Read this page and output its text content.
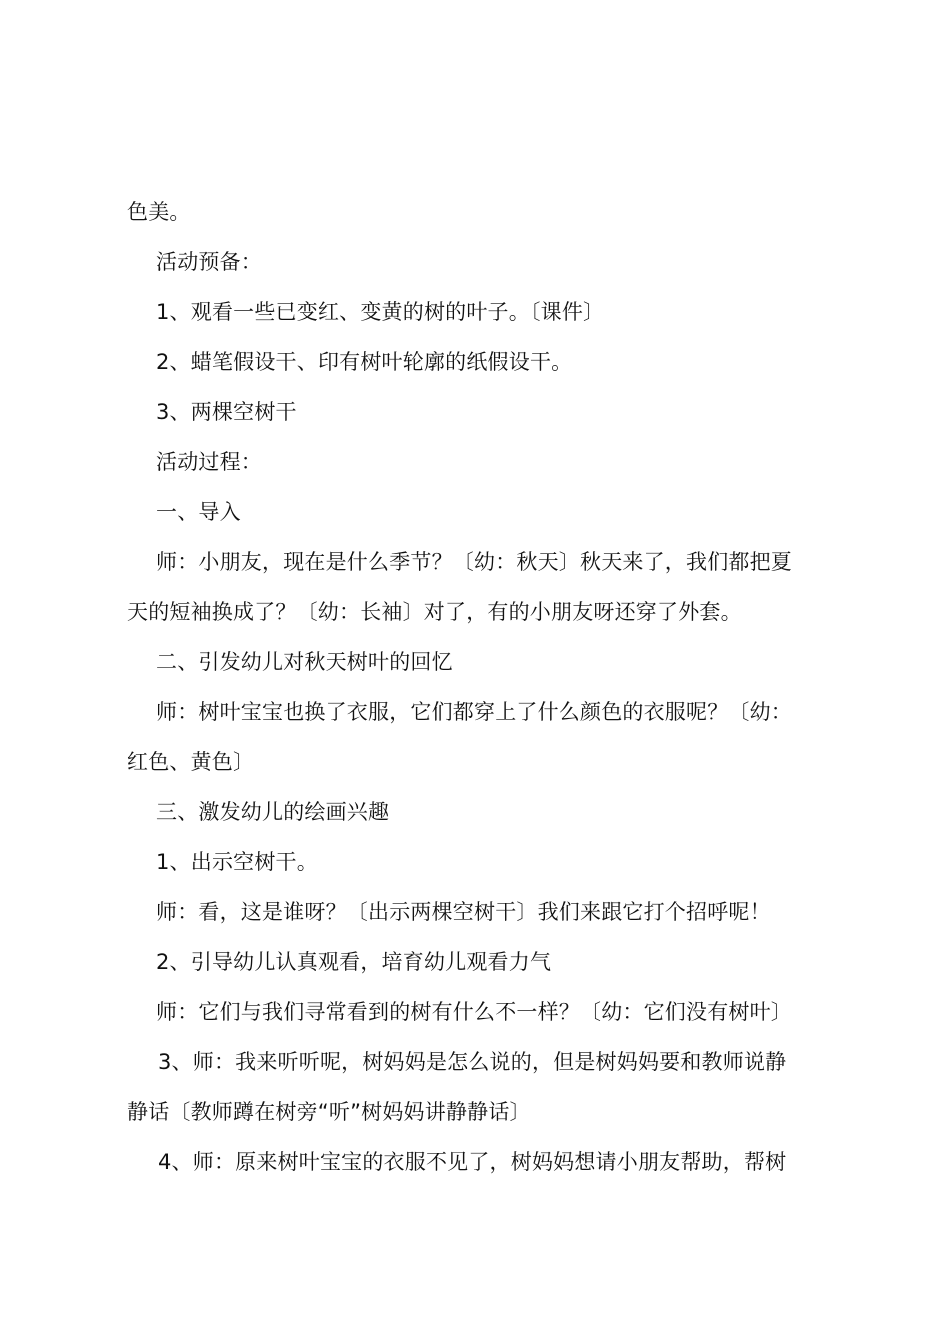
色美。
活动预备：
1、观看一些已变红、变黄的树的叶子。〔课件〕
2、蜡笔假设干、印有树叶轮廓的纸假设干。
3、两棵空树干
活动过程：
一、导入
师：小朋友，现在是什么季节？〔幼：秋天〕秋天来了，我们都把夏
天的短袖换成了？〔幼：长袖〕对了，有的小朋友呀还穿了外套。
二、引发幼儿对秋天树叶的回忆
师：树叶宝宝也换了衣服，它们都穿上了什么颜色的衣服呢？〔幼：
红色、黄色〕
三、激发幼儿的绘画兴趣
1、出示空树干。
师：看，这是谁呀？〔出示两棵空树干〕我们来跟它打个招呼呢！
2、引导幼儿认真观看，培育幼儿观看力气
师：它们与我们寻常看到的树有什么不一样？〔幼：它们没有树叶〕
3、师：我来听听呢，树妈妈是怎么说的，但是树妈妈要和教师说静
静话〔教师蹲在树旁“听”树妈妈讲静静话〕
4、师：原来树叶宝宝的衣服不见了，树妈妈想请小朋友帮助，帮树
